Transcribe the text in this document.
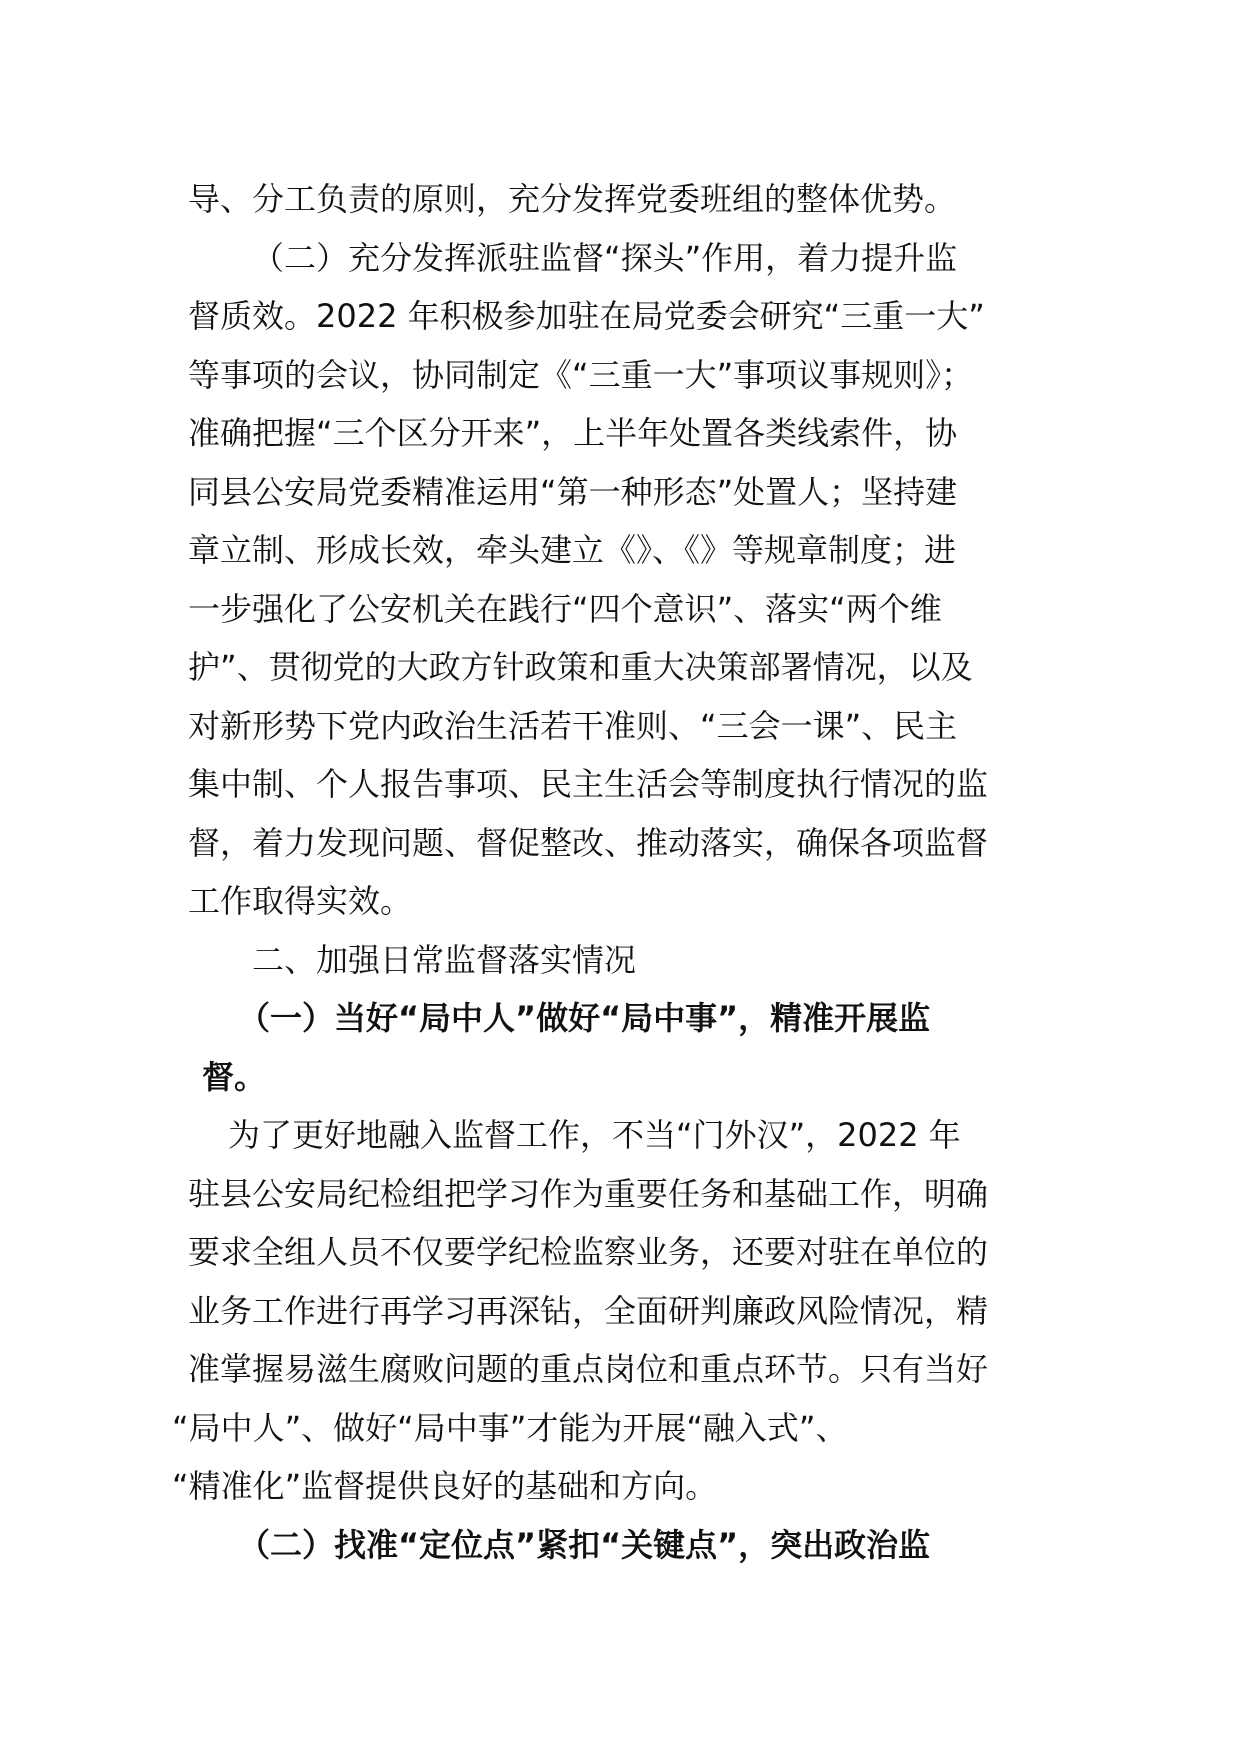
导、分工负责的原则，充分发挥党委班组的整体优势。
（二）充分发挥派驻监督“探头”作用，着力提升监
督质效。2022 年积极参加驻在局党委会研究“三重一大”
等事项的会议，协同制定《“三重一大”事项议事规则》；
准确把握“三个区分开来”，上半年处置各类线索件，协
同县公安局党委精准运用“第一种形态”处置人；坚持建
章立制、形成长效，牵头建立《》、《》等规章制度；进
一步强化了公安机关在践行“四个意识”、落实“两个维
护”、贯彻党的大政方针政策和重大决策部署情况，以及
对新形势下党内政治生活若干准则、“三会一课”、民主
集中制、个人报告事项、民主生活会等制度执行情况的监
督，着力发现问题、督促整改、推动落实，确保各项监督
工作取得实效。
二、加强日常监督落实情况
（一）当好“局中人”做好“局中事”，精准开展监
督。
为了更好地融入监督工作，不当“门外汉”，2022 年
驻县公安局纪检组把学习作为重要任务和基础工作，明确
要求全组人员不仅要学纪检监察业务，还要对驻在单位的
业务工作进行再学习再深钻，全面研判廉政风险情况，精
准掌握易滋生腐败问题的重点岗位和重点环节。只有当好
“局中人”、做好“局中事”才能为开展“融入式”、
“精准化”监督提供良好的基础和方向。
（二）找准“定位点”紧扣“关键点”，突出政治监
